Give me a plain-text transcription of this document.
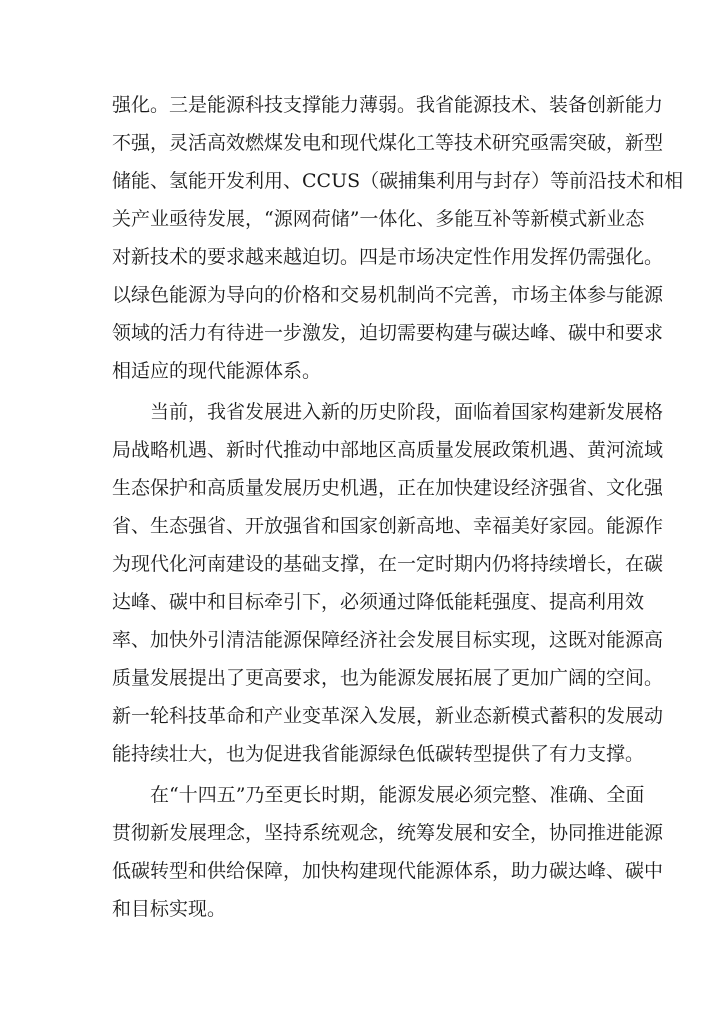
强化。三是能源科技支撑能力薄弱。我省能源技术、装备创新能力
不强，灵活高效燃煤发电和现代煤化工等技术研究亟需突破，新型
储能、氢能开发利用、CCUS（碳捕集利用与封存）等前沿技术和相
关产业亟待发展，“源网荷储”一体化、多能互补等新模式新业态
对新技术的要求越来越迫切。四是市场决定性作用发挥仍需强化。
以绿色能源为导向的价格和交易机制尚不完善，市场主体参与能源
领域的活力有待进一步激发，迫切需要构建与碳达峰、碳中和要求
相适应的现代能源体系。
当前，我省发展进入新的历史阶段，面临着国家构建新发展格
局战略机遇、新时代推动中部地区高质量发展政策机遇、黄河流域
生态保护和高质量发展历史机遇，正在加快建设经济强省、文化强
省、生态强省、开放强省和国家创新高地、幸福美好家园。能源作
为现代化河南建设的基础支撑，在一定时期内仍将持续增长，在碳
达峰、碳中和目标牵引下，必须通过降低能耗强度、提高利用效
率、加快外引清洁能源保障经济社会发展目标实现，这既对能源高
质量发展提出了更高要求，也为能源发展拓展了更加广阔的空间。
新一轮科技革命和产业变革深入发展，新业态新模式蓄积的发展动
能持续壮大，也为促进我省能源绿色低碳转型提供了有力支撑。
在“十四五”乃至更长时期，能源发展必须完整、准确、全面
贯彻新发展理念，坚持系统观念，统筹发展和安全，协同推进能源
低碳转型和供给保障，加快构建现代能源体系，助力碳达峰、碳中
和目标实现。
